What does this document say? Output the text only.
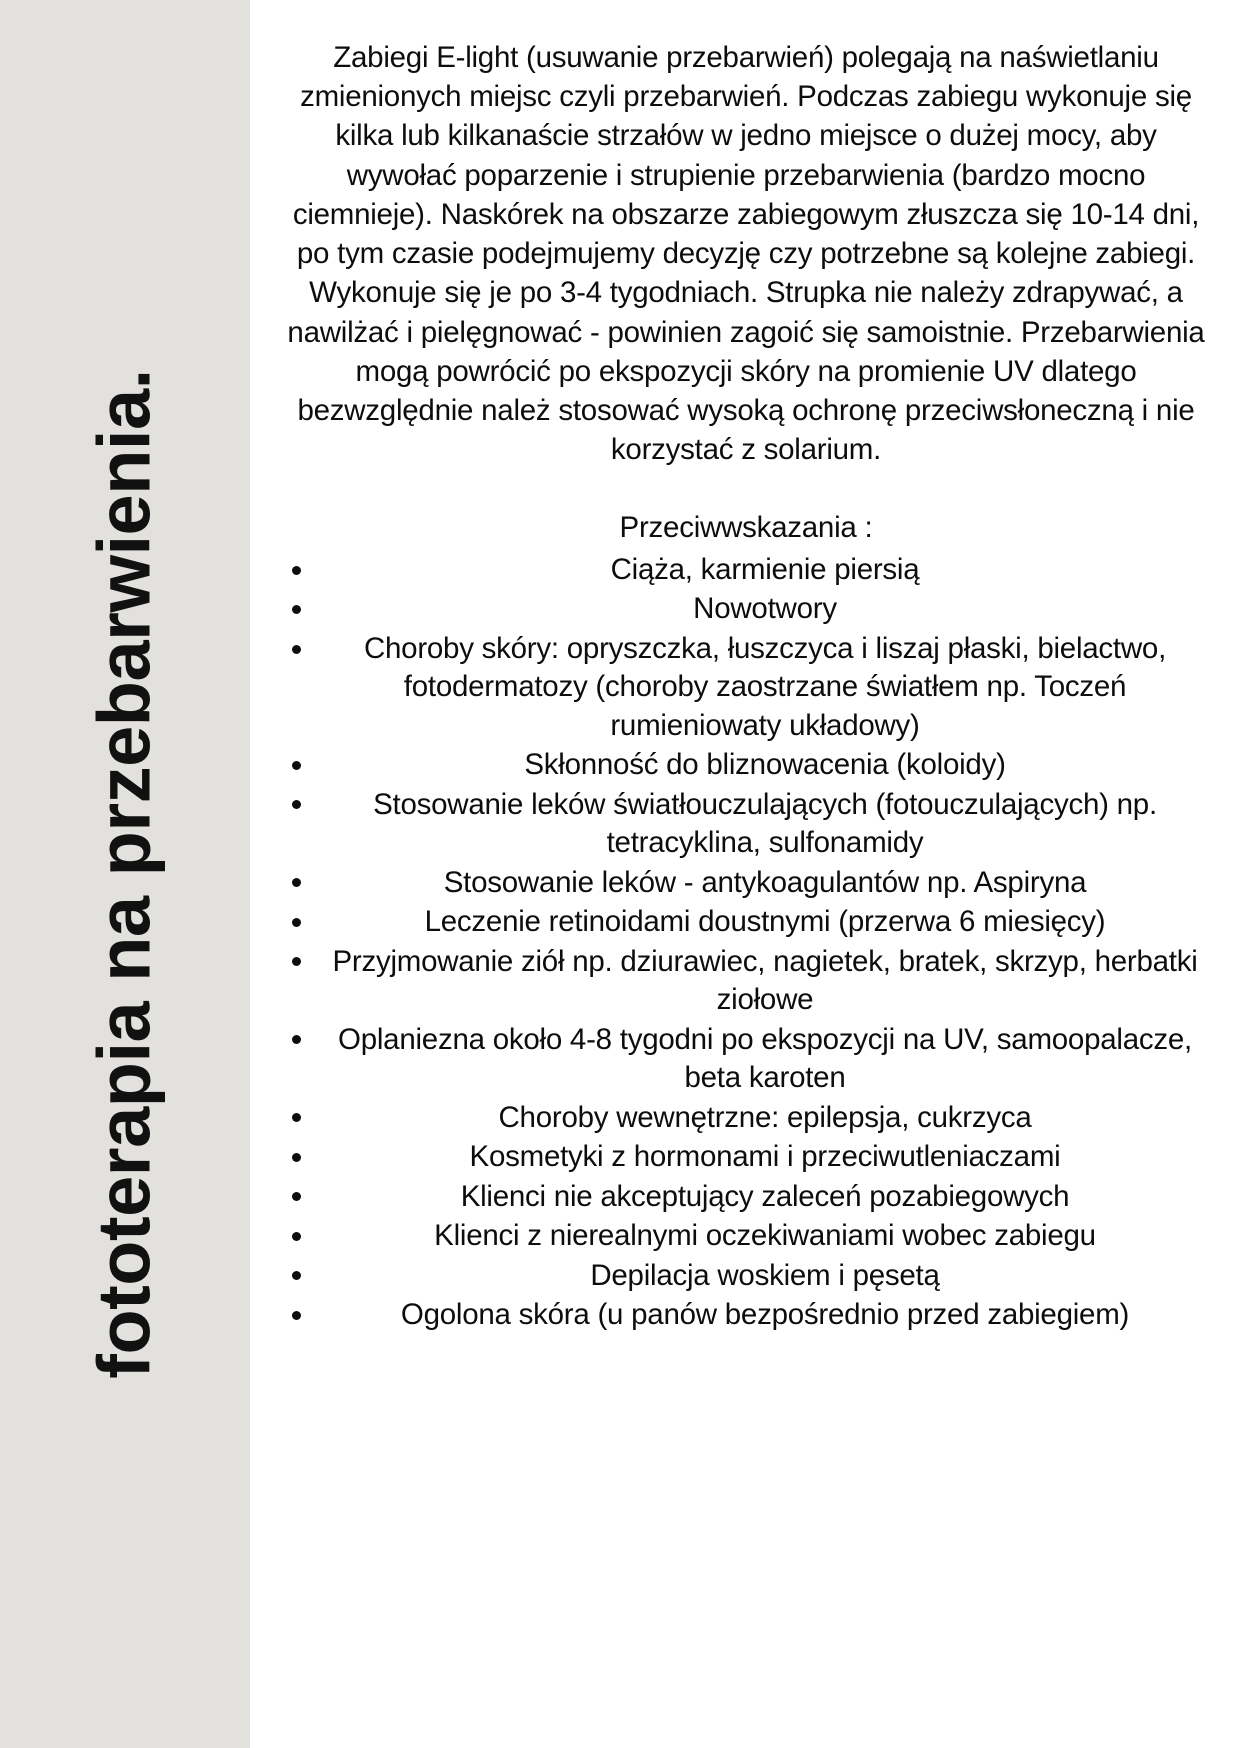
fototerapia na przebarwienia.

Zabiegi E-light (usuwanie przebarwień) polegają na naświetlaniu zmienionych miejsc czyli przebarwień. Podczas zabiegu wykonuje się kilka lub kilkanaście strzałów w jedno miejsce o dużej mocy, aby wywołać poparzenie i strupienie przebarwienia (bardzo mocno ciemnieje). Naskórek na obszarze zabiegowym złuszcza się 10-14 dni, po tym czasie podejmujemy decyzję czy potrzebne są kolejne zabiegi. Wykonuje się je po 3-4 tygodniach. Strupka nie należy zdrapywać, a nawilżać i pielęgnować - powinien zagoić się samoistnie. Przebarwienia mogą powrócić po ekspozycji skóry na promienie UV dlatego bezwzględnie należ stosować wysoką ochronę przeciwsłoneczną i nie korzystać z solarium.

Przeciwwskazania :
Ciąża, karmienie piersią
Nowotwory
Choroby skóry: opryszczka, łuszczyca i liszaj płaski, bielactwo, fotodermatozy (choroby zaostrzane światłem np. Toczeń rumieniowaty układowy)
Skłonność do bliznowacenia (koloidy)
Stosowanie leków światłouczulających (fotouczulających) np. tetracyklina, sulfonamidy
Stosowanie leków - antykoagulantów np. Aspiryna
Leczenie retinoidami doustnymi (przerwa 6 miesięcy)
Przyjmowanie ziół np. dziurawiec, nagietek, bratek, skrzyp, herbatki ziołowe
Oplaniezna około 4-8 tygodni po ekspozycji na UV, samoopalacze, beta karoten
Choroby wewnętrzne: epilepsja, cukrzyca
Kosmetyki z hormonami i przeciwutleniaczami
Klienci nie akceptujący zaleceń pozabiegowych
Klienci z nierealnymi oczekiwaniami wobec zabiegu
Depilacja woskiem i pęsetą
Ogolona skóra (u panów bezpośrednio przed zabiegiem)
